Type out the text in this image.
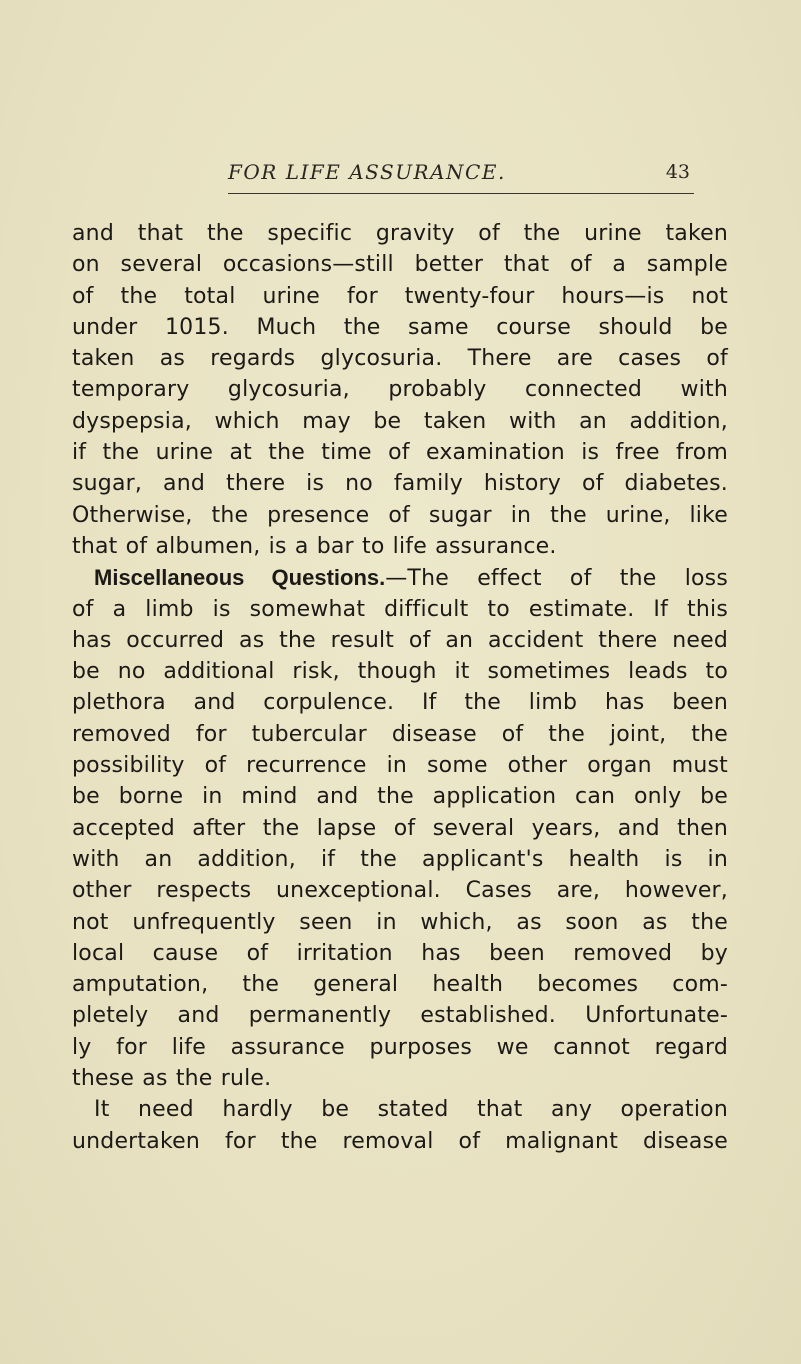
FOR LIFE ASSURANCE.	43
and that the specific gravity of the urine taken
on several occasions—still better that of a sample
of the total urine for twenty-four hours—is not
under 1015. Much the same course should be
taken as regards glycosuria. There are cases of
temporary glycosuria, probably connected with
dyspepsia, which may be taken with an addition,
if the urine at the time of examination is free from
sugar, and there is no family history of diabetes.
Otherwise, the presence of sugar in the urine, like
that of albumen, is a bar to life assurance.
Miscellaneous Questions.—The effect of the loss
of a limb is somewhat difficult to estimate. If this
has occurred as the result of an accident there need
be no additional risk, though it sometimes leads to
plethora and corpulence. If the limb has been
removed for tubercular disease of the joint, the
possibility of recurrence in some other organ must
be borne in mind and the application can only be
accepted after the lapse of several years, and then
with an addition, if the applicant's health is in
other respects unexceptional. Cases are, however,
not unfrequently seen in which, as soon as the
local cause of irritation has been removed by
amputation, the general health becomes com-
pletely and permanently established. Unfortunate-
ly for life assurance purposes we cannot regard
these as the rule.
It need hardly be stated that any operation
undertaken for the removal of malignant disease
